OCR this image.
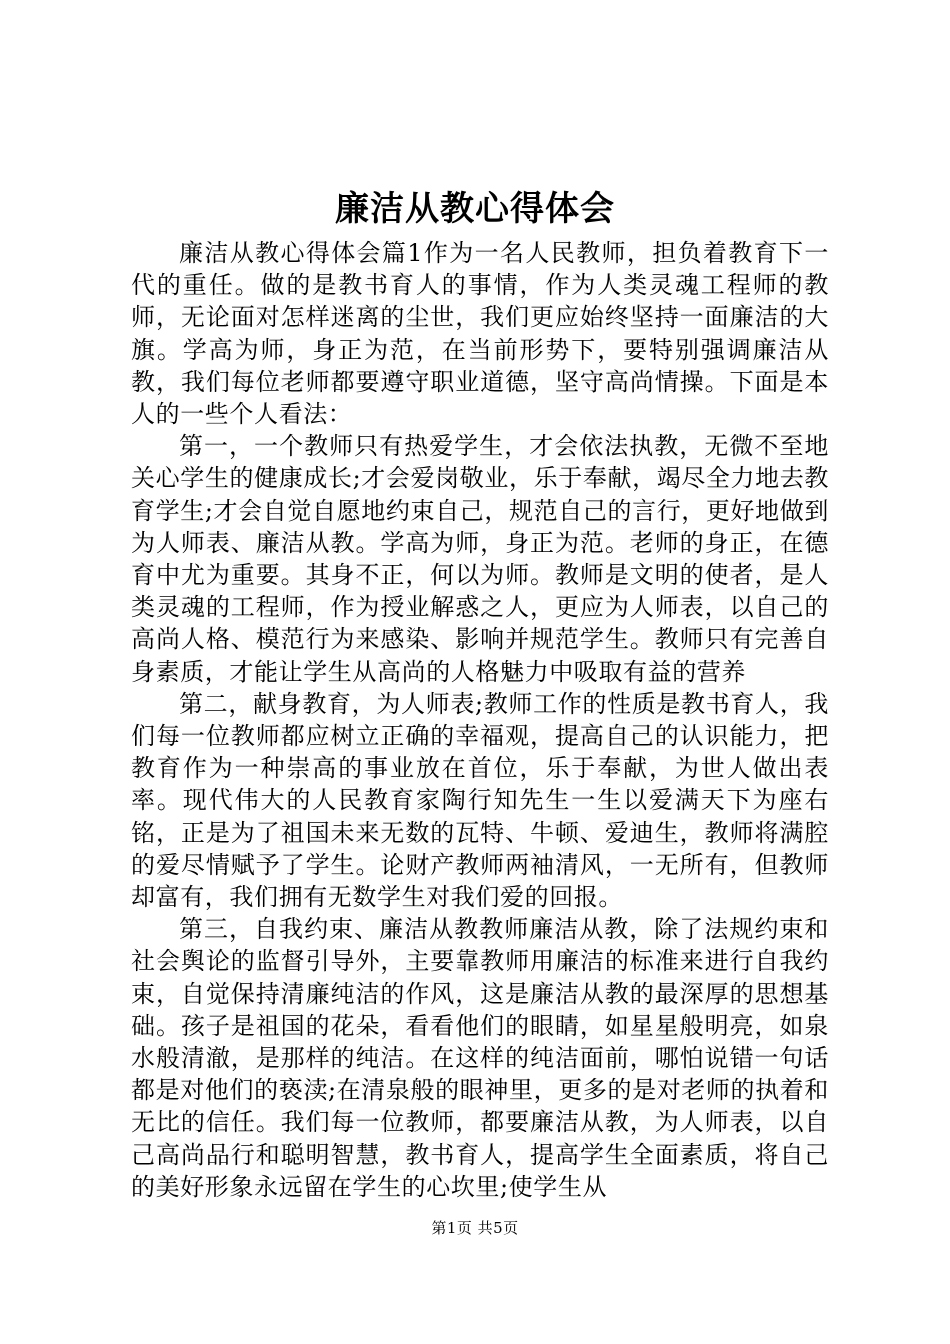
廉洁从教心得体会

廉洁从教心得体会篇1作为一名人民教师，担负着教育下一代的重任。做的是教书育人的事情，作为人类灵魂工程师的教师，无论面对怎样迷离的尘世，我们更应始终坚持一面廉洁的大旗。学高为师，身正为范，在当前形势下，要特别强调廉洁从教，我们每位老师都要遵守职业道德，坚守高尚情操。下面是本人的一些个人看法：

第一，一个教师只有热爱学生，才会依法执教，无微不至地关心学生的健康成长;才会爱岗敬业，乐于奉献，竭尽全力地去教育学生;才会自觉自愿地约束自己，规范自己的言行，更好地做到为人师表、廉洁从教。学高为师，身正为范。老师的身正，在德育中尤为重要。其身不正，何以为师。教师是文明的使者，是人类灵魂的工程师，作为授业解惑之人，更应为人师表，以自己的高尚人格、模范行为来感染、影响并规范学生。教师只有完善自身素质，才能让学生从高尚的人格魅力中吸取有益的营养

第二，献身教育，为人师表;教师工作的性质是教书育人，我们每一位教师都应树立正确的幸福观，提高自己的认识能力，把教育作为一种崇高的事业放在首位，乐于奉献，为世人做出表率。现代伟大的人民教育家陶行知先生一生以爱满天下为座右铭，正是为了祖国未来无数的瓦特、牛顿、爱迪生，教师将满腔的爱尽情赋予了学生。论财产教师两袖清风，一无所有，但教师却富有，我们拥有无数学生对我们爱的回报。

第三，自我约束、廉洁从教教师廉洁从教，除了法规约束和社会舆论的监督引导外，主要靠教师用廉洁的标准来进行自我约束，自觉保持清廉纯洁的作风，这是廉洁从教的最深厚的思想基础。孩子是祖国的花朵，看看他们的眼睛，如星星般明亮，如泉水般清澈，是那样的纯洁。在这样的纯洁面前，哪怕说错一句话都是对他们的亵渎;在清泉般的眼神里，更多的是对老师的执着和无比的信任。我们每一位教师，都要廉洁从教，为人师表，以自己高尚品行和聪明智慧，教书育人，提高学生全面素质，将自己的美好形象永远留在学生的心坎里;使学生从

第1页 共5页
